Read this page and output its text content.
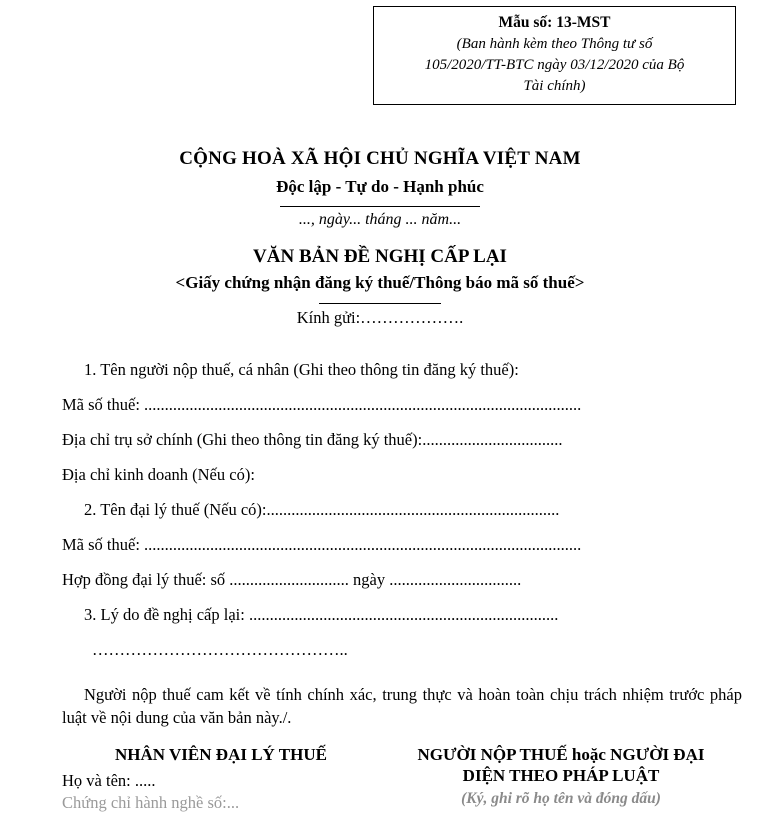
Mẫu số: 13-MST
(Ban hành kèm theo Thông tư số
105/2020/TT-BTC ngày 03/12/2020 của Bộ
Tài chính)
CỘNG HOÀ XÃ HỘI CHỦ NGHĨA VIỆT NAM
Độc lập - Tự do - Hạnh phúc
..., ngày... tháng ... năm...
VĂN BẢN ĐỀ NGHỊ CẤP LẠI
<Giấy chứng nhận đăng ký thuế/Thông báo mã số thuế>
Kính gửi:……………….

1. Tên người nộp thuế, cá nhân (Ghi theo thông tin đăng ký thuế):

Mã số thuế: ..........................................................................................................

Địa chỉ trụ sở chính (Ghi theo thông tin đăng ký thuế):..................................

Địa chỉ kinh doanh (Nếu có):

2. Tên đại lý thuế (Nếu có):.......................................................................

Mã số thuế: ..........................................................................................................

Hợp đồng đại lý thuế: số ............................. ngày ................................

3. Lý do đề nghị cấp lại: ...........................................................................

………………………………………..

Người nộp thuế cam kết về tính chính xác, trung thực và hoàn toàn chịu trách nhiệm trước pháp luật về nội dung của văn bản này./.
NHÂN VIÊN ĐẠI LÝ THUẾ
Họ và tên: .....
Chứng chỉ hành nghề số:...
NGƯỜI NỘP THUẾ hoặc NGƯỜI ĐẠI
DIỆN THEO PHÁP LUẬT
(Ký, ghi rõ họ tên và đóng dấu)
